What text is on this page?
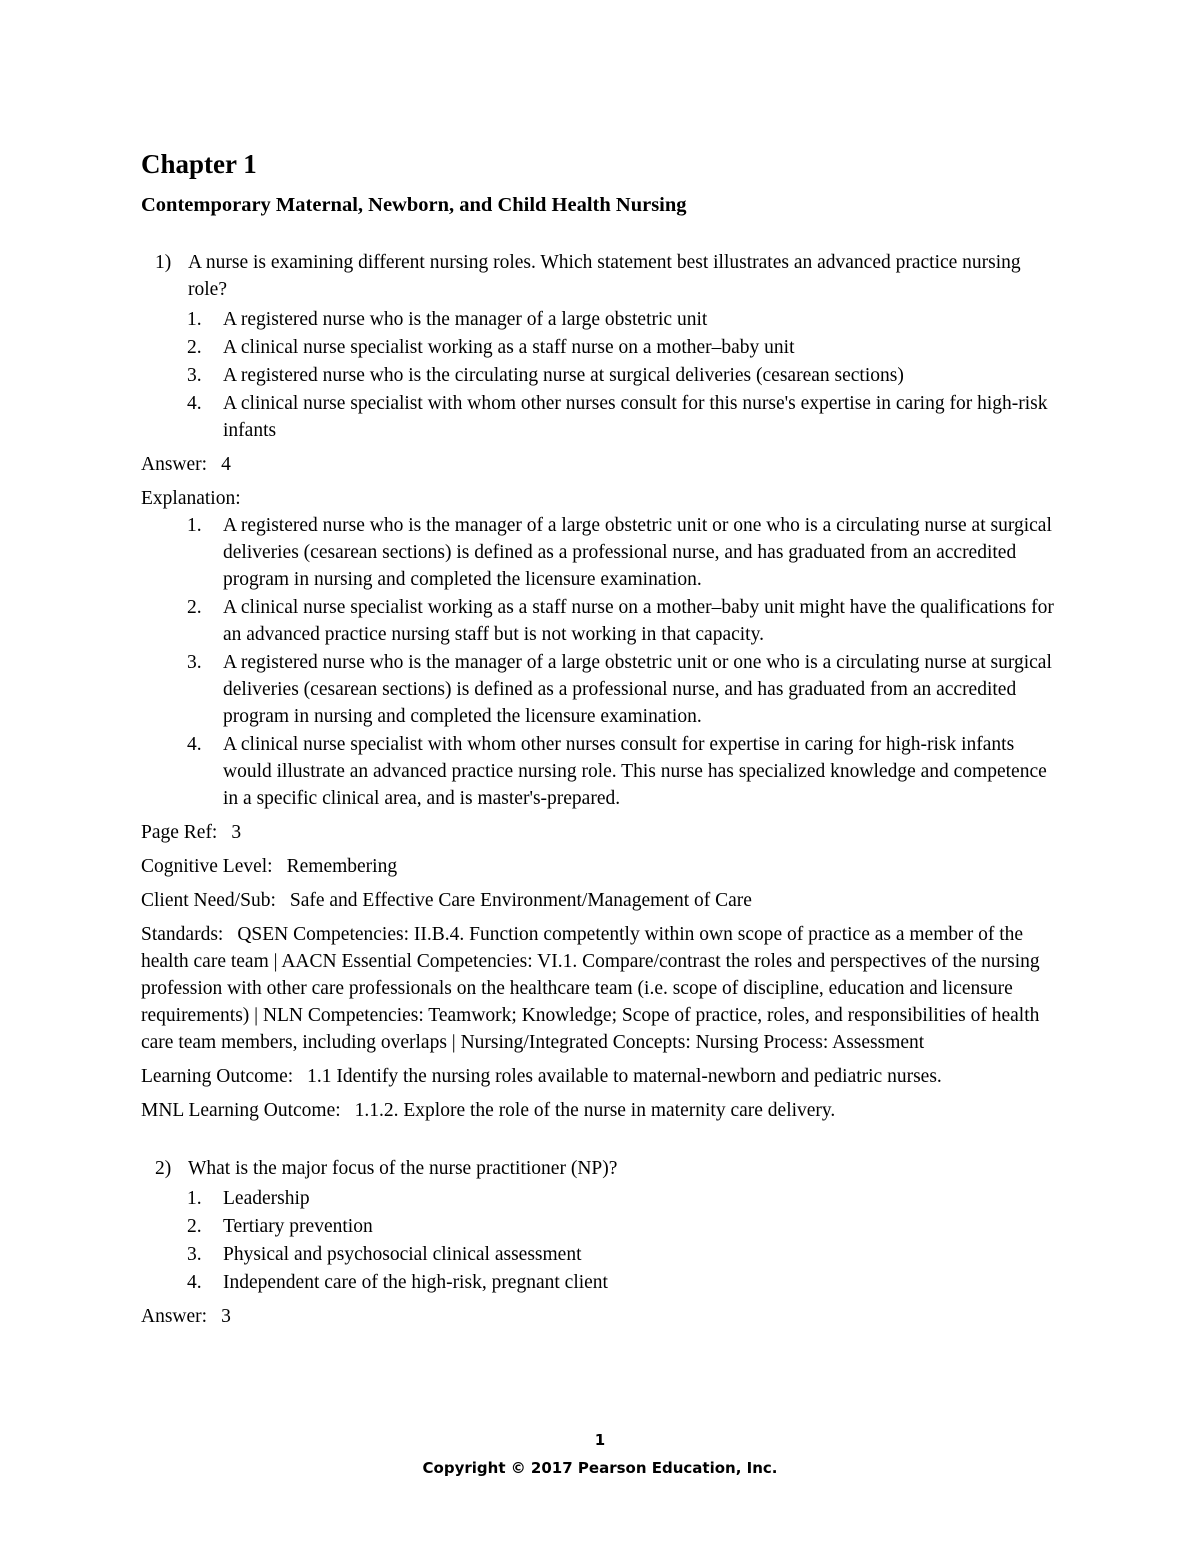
Chapter 1
Contemporary Maternal, Newborn, and Child Health Nursing
1) A nurse is examining different nursing roles. Which statement best illustrates an advanced practice nursing role?
1. A registered nurse who is the manager of a large obstetric unit
2. A clinical nurse specialist working as a staff nurse on a mother–baby unit
3. A registered nurse who is the circulating nurse at surgical deliveries (cesarean sections)
4. A clinical nurse specialist with whom other nurses consult for this nurse's expertise in caring for high-risk infants

Answer: 4

Explanation:

1. A registered nurse who is the manager of a large obstetric unit or one who is a circulating nurse at surgical deliveries (cesarean sections) is defined as a professional nurse, and has graduated from an accredited program in nursing and completed the licensure examination.
2. A clinical nurse specialist working as a staff nurse on a mother–baby unit might have the qualifications for an advanced practice nursing staff but is not working in that capacity.
3. A registered nurse who is the manager of a large obstetric unit or one who is a circulating nurse at surgical deliveries (cesarean sections) is defined as a professional nurse, and has graduated from an accredited program in nursing and completed the licensure examination.
4. A clinical nurse specialist with whom other nurses consult for expertise in caring for high-risk infants would illustrate an advanced practice nursing role. This nurse has specialized knowledge and competence in a specific clinical area, and is master's-prepared.

Page Ref: 3

Cognitive Level: Remembering

Client Need/Sub: Safe and Effective Care Environment/Management of Care

Standards: QSEN Competencies: II.B.4. Function competently within own scope of practice as a member of the health care team | AACN Essential Competencies: VI.1. Compare/contrast the roles and perspectives of the nursing profession with other care professionals on the healthcare team (i.e. scope of discipline, education and licensure requirements) | NLN Competencies: Teamwork; Knowledge; Scope of practice, roles, and responsibilities of health care team members, including overlaps | Nursing/Integrated Concepts: Nursing Process: Assessment

Learning Outcome: 1.1 Identify the nursing roles available to maternal-newborn and pediatric nurses.

MNL Learning Outcome: 1.1.2. Explore the role of the nurse in maternity care delivery.

2) What is the major focus of the nurse practitioner (NP)?
1. Leadership
2. Tertiary prevention
3. Physical and psychosocial clinical assessment
4. Independent care of the high-risk, pregnant client

Answer: 3

1
Copyright © 2017 Pearson Education, Inc.
